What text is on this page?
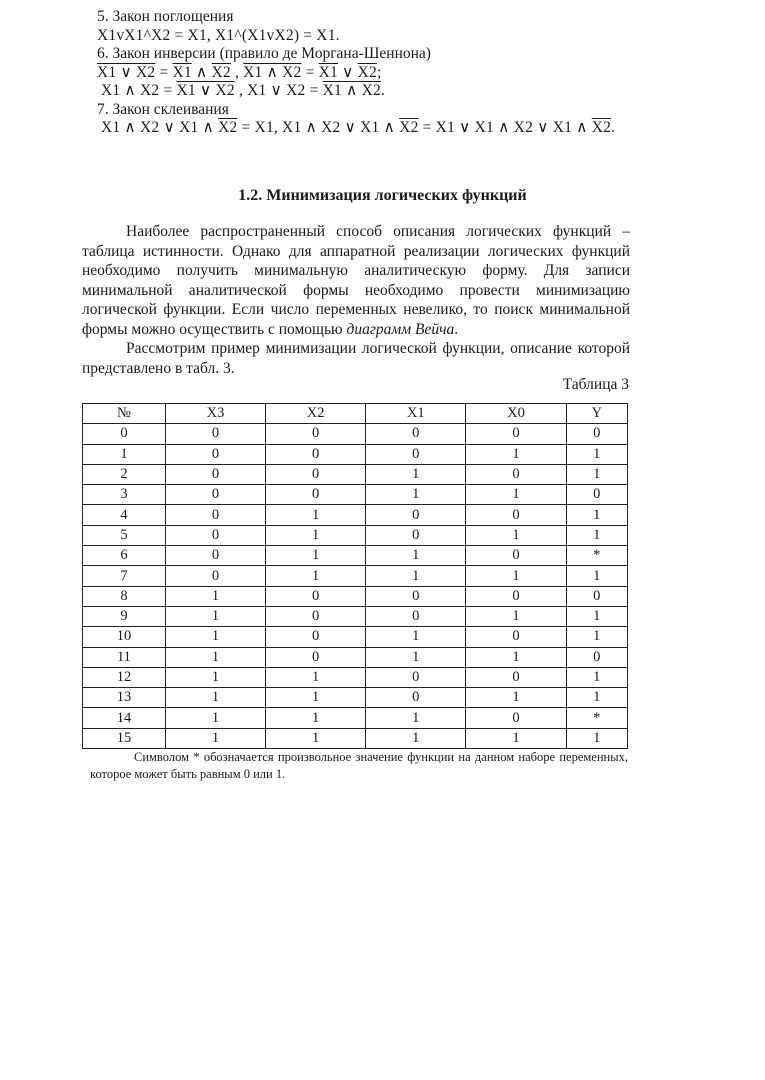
5. Закон поглощения
X1vX1^X2 = X1, X1^(X1vX2) = X1.
6. Закон инверсии (правило де Моргана-Шеннона)
X1 ∨ X2 = X1 ∧ X2 , X1 ∧ X2 = X1 ∨ X2;
X1 ∧ X2 = X1 ∨ X2 , X1 ∨ X2 = X1 ∧ X2.
7. Закон склеивания
X1 ∧ X2 ∨ X1 ∧ X2 = X1, X1 ∧ X2 ∨ X1 ∧ X2 = X1 ∨ X1 ∧ X2 ∨ X1 ∧ X2.
1.2. Минимизация логических функций

Наиболее распространенный способ описания логических функций – таблица истинности. Однако для аппаратной реализации логических функций необходимо получить минимальную аналитическую форму. Для записи минимальной аналитической формы необходимо провести минимизацию логической функции. Если число переменных невелико, то поиск минимальной формы можно осуществить с помощью диаграмм Вейча.

Рассмотрим пример минимизации логической функции, описание которой представлено в табл. 3.

Таблица 3
№	X3	X2	X1	X0	Y
0	0	0	0	0	0
1	0	0	0	1	1
2	0	0	1	0	1
3	0	0	1	1	0
4	0	1	0	0	1
5	0	1	0	1	1
6	0	1	1	0	*
7	0	1	1	1	1
8	1	0	0	0	0
9	1	0	0	1	1
10	1	0	1	0	1
11	1	0	1	1	0
12	1	1	0	0	1
13	1	1	0	1	1
14	1	1	1	0	*
15	1	1	1	1	1

Символом * обозначается произвольное значение функции на данном наборе переменных, которое может быть равным 0 или 1.
